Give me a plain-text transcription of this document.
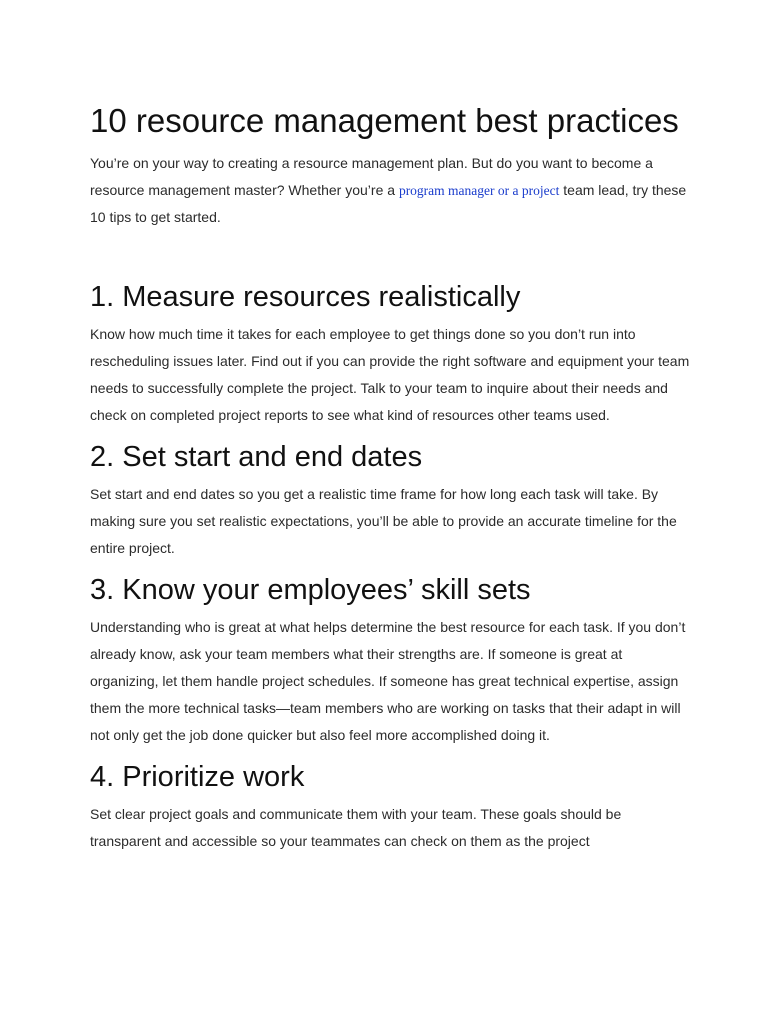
10 resource management best practices

You’re on your way to creating a resource management plan. But do you want to become a resource management master? Whether you’re a program manager or a project team lead, try these 10 tips to get started.

1. Measure resources realistically

Know how much time it takes for each employee to get things done so you don’t run into rescheduling issues later. Find out if you can provide the right software and equipment your team needs to successfully complete the project. Talk to your team to inquire about their needs and check on completed project reports to see what kind of resources other teams used.

2. Set start and end dates

Set start and end dates so you get a realistic time frame for how long each task will take. By making sure you set realistic expectations, you’ll be able to provide an accurate timeline for the entire project.

3. Know your employees’ skill sets

Understanding who is great at what helps determine the best resource for each task. If you don’t already know, ask your team members what their strengths are. If someone is great at organizing, let them handle project schedules. If someone has great technical expertise, assign them the more technical tasks—team members who are working on tasks that their adapt in will not only get the job done quicker but also feel more accomplished doing it.

4. Prioritize work

Set clear project goals and communicate them with your team. These goals should be transparent and accessible so your teammates can check on them as the project
